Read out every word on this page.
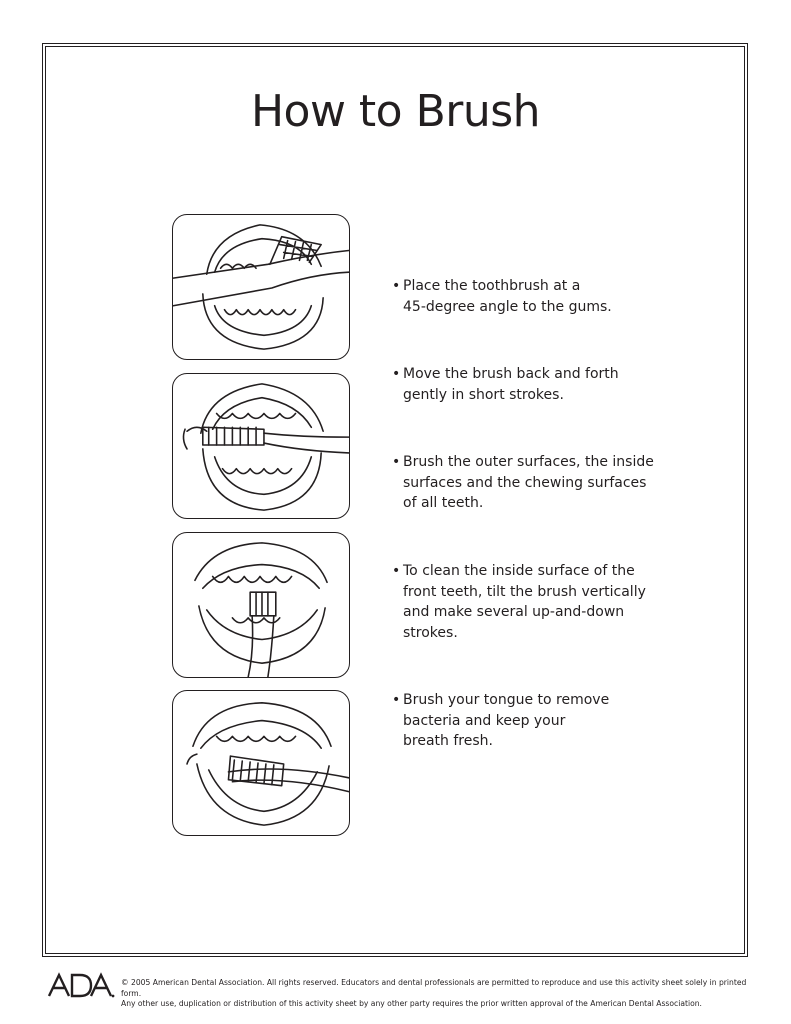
How to Brush
• Place the toothbrush at a
45-degree angle to the gums.
• Move the brush back and forth
gently in short strokes.
• Brush the outer surfaces, the inside
surfaces and the chewing surfaces
of all teeth.
• To clean the inside surface of the
front teeth, tilt the brush vertically
and make several up-and-down
strokes.
• Brush your tongue to remove
bacteria and keep your
breath fresh.
© 2005 American Dental Association. All rights reserved. Educators and dental professionals are permitted to reproduce and use this activity sheet solely in printed form.
Any other use, duplication or distribution of this activity sheet by any other party requires the prior written approval of the American Dental Association.
